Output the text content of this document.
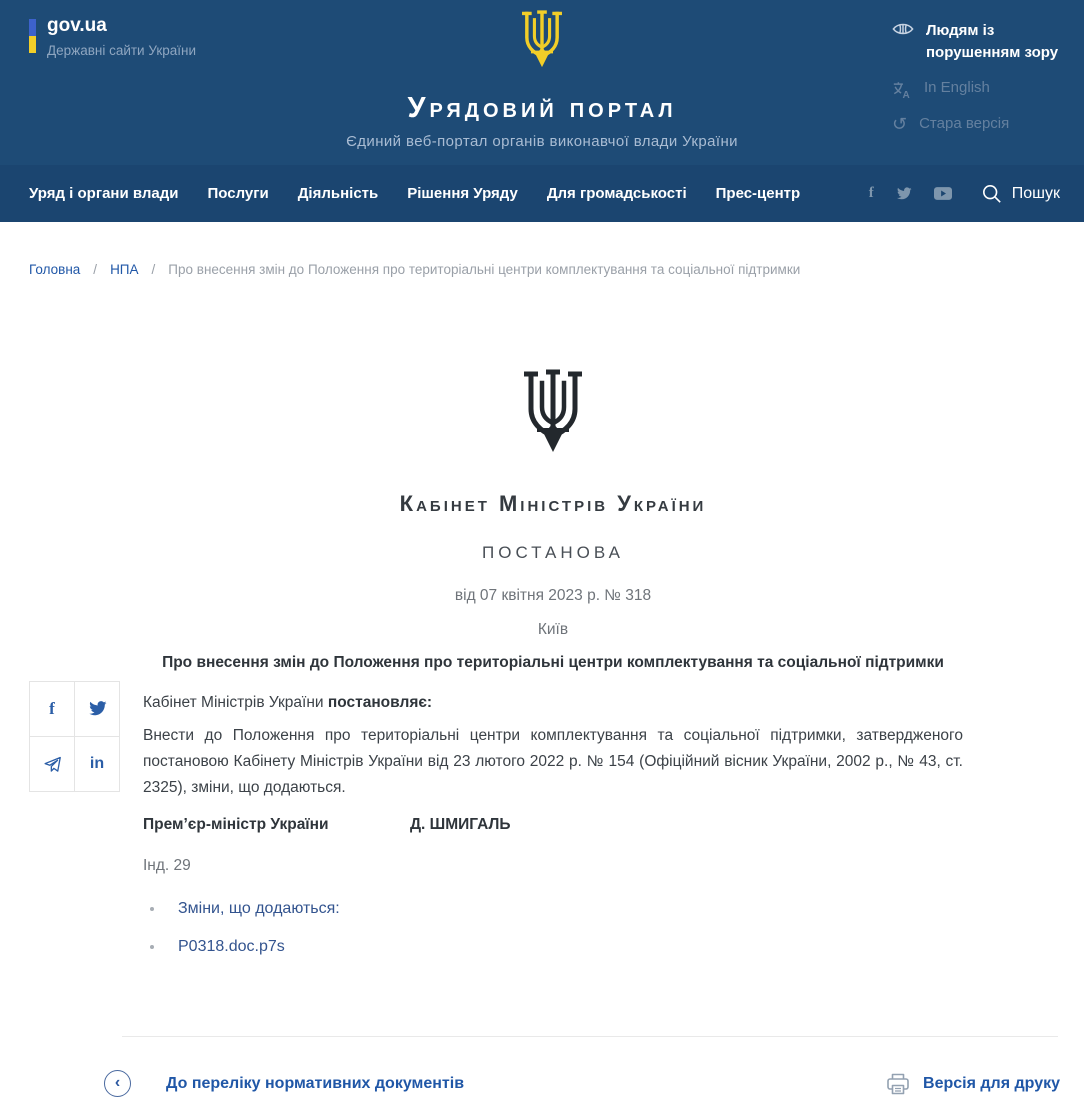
gov.ua
Державні сайти України
Урядовий портал
Єдиний веб-портал органів виконавчої влади України
Людям із порушенням зору
A In English
↺ Стара версія
Уряд і органи влади Послуги Діяльність Рішення Уряду Для громадськості Прес-центр	f	Пошук
Головна / НПА / Про внесення змін до Положення про територіальні центри комплектування та соціальної підтримки
Кабінет Міністрів України
ПОСТАНОВА
від 07 квітня 2023 р. № 318
Київ
Про внесення змін до Положення про територіальні центри комплектування та соціальної підтримки

Кабінет Міністрів України постановляє:

Внести до Положення про територіальні центри комплектування та соціальної підтримки, затвердженого постановою Кабінету Міністрів України від 23 лютого 2022 р. № 154 (Офіційний вісник України, 2002 р., № 43, ст. 2325), зміни, що додаються.

Прем’єр-міністр України	Д. ШМИГАЛЬ
Інд. 29
Зміни, що додаються:
P0318.doc.p7s
f
in
‹	До переліку нормативних документів	Версія для друку
